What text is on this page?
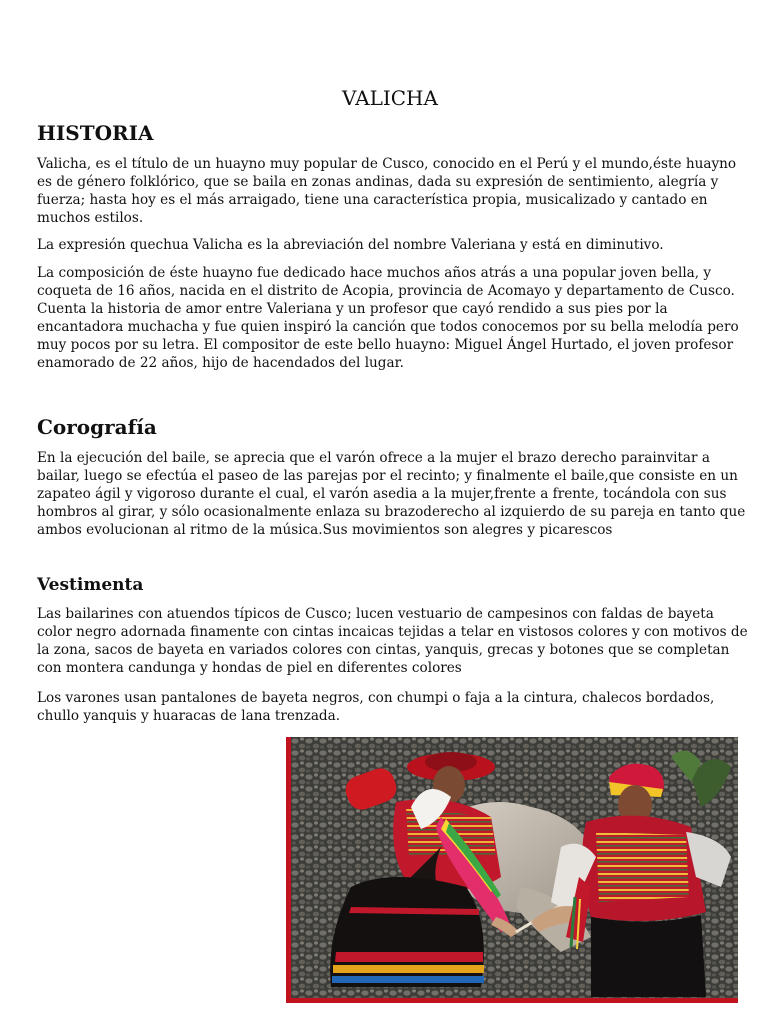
VALICHA
HISTORIA

Valicha, es el título de un huayno muy popular de Cusco, conocido en el Perú y el mundo,éste huayno es de género folklórico, que se baila en zonas andinas, dada su expresión de sentimiento, alegría y fuerza; hasta hoy es el más arraigado, tiene una característica propia, musicalizado y cantado en muchos estilos.

La expresión quechua Valicha es la abreviación del nombre Valeriana y está en diminutivo.

La composición de éste huayno fue dedicado hace muchos años atrás a una popular joven bella, y coqueta de 16 años, nacida en el distrito de Acopia, provincia de Acomayo y departamento de Cusco. Cuenta la historia de amor entre Valeriana y un profesor que cayó rendido a sus pies por la encantadora muchacha y fue quien inspiró la canción que todos conocemos por su bella melodía pero muy pocos por su letra. El compositor de este bello huayno: Miguel Ángel Hurtado, el joven profesor enamorado de 22 años, hijo de hacendados del lugar.

Corografía

En la ejecución del baile, se aprecia que el varón ofrece a la mujer el brazo derecho parainvitar a bailar, luego se efectúa el paseo de las parejas por el recinto; y finalmente el baile,que consiste en un zapateo ágil y vigoroso durante el cual, el varón asedia a la mujer,frente a frente, tocándola con sus hombros al girar, y sólo ocasionalmente enlaza su brazoderecho al izquierdo de su pareja en tanto que ambos evolucionan al ritmo de la música.Sus movimientos son alegres y picarescos

Vestimenta

Las bailarines con atuendos típicos de Cusco; lucen vestuario de campesinos con faldas de bayeta color negro adornada finamente con cintas incaicas tejidas a telar en vistosos colores y con motivos de la zona, sacos de bayeta en variados colores con cintas, yanquis, grecas y botones que se completan con montera candunga y hondas de piel en diferentes colores

Los varones usan pantalones de bayeta negros, con chumpi o faja a la cintura, chalecos bordados, chullo yanquis y huaracas de lana trenzada.
